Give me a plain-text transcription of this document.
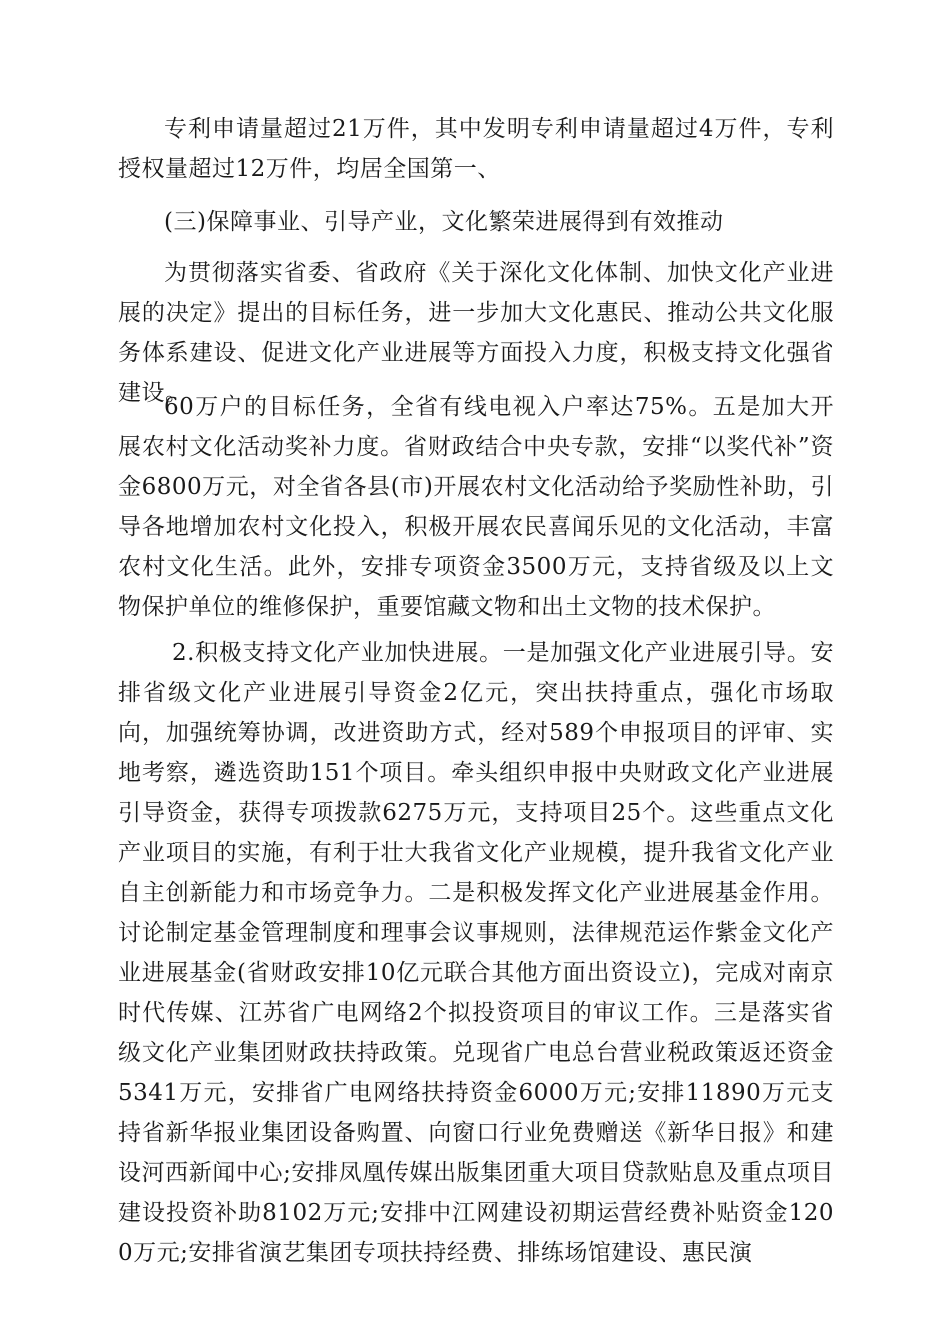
专利申请量超过21万件，其中发明专利申请量超过4万件，专利授权量超过12万件，均居全国第一、

(三)保障事业、引导产业，文化繁荣进展得到有效推动

为贯彻落实省委、省政府《关于深化文化体制、加快文化产业进展的决定》提出的目标任务，进一步加大文化惠民、推动公共文化服务体系建设、促进文化产业进展等方面投入力度，积极支持文化强省建设。

60万户的目标任务，全省有线电视入户率达75%。五是加大开展农村文化活动奖补力度。省财政结合中央专款，安排“以奖代补”资金6800万元，对全省各县(市)开展农村文化活动给予奖励性补助，引导各地增加农村文化投入，积极开展农民喜闻乐见的文化活动，丰富农村文化生活。此外，安排专项资金3500万元，支持省级及以上文物保护单位的维修保护，重要馆藏文物和出土文物的技术保护。

2.积极支持文化产业加快进展。一是加强文化产业进展引导。安排省级文化产业进展引导资金2亿元，突出扶持重点，强化市场取向，加强统筹协调，改进资助方式，经对589个申报项目的评审、实地考察，遴选资助151个项目。牵头组织申报中央财政文化产业进展引导资金，获得专项拨款6275万元，支持项目25个。这些重点文化产业项目的实施，有利于壮大我省文化产业规模，提升我省文化产业自主创新能力和市场竞争力。二是积极发挥文化产业进展基金作用。讨论制定基金管理制度和理事会议事规则，法律规范运作紫金文化产业进展基金(省财政安排10亿元联合其他方面出资设立)，完成对南京时代传媒、江苏省广电网络2个拟投资项目的审议工作。三是落实省级文化产业集团财政扶持政策。兑现省广电总台营业税政策返还资金5341万元，安排省广电网络扶持资金6000万元;安排11890万元支持省新华报业集团设备购置、向窗口行业免费赠送《新华日报》和建设河西新闻中心;安排凤凰传媒出版集团重大项目贷款贴息及重点项目建设投资补助8102万元;安排中江网建设初期运营经费补贴资金1200万元;安排省演艺集团专项扶持经费、排练场馆建设、惠民演
